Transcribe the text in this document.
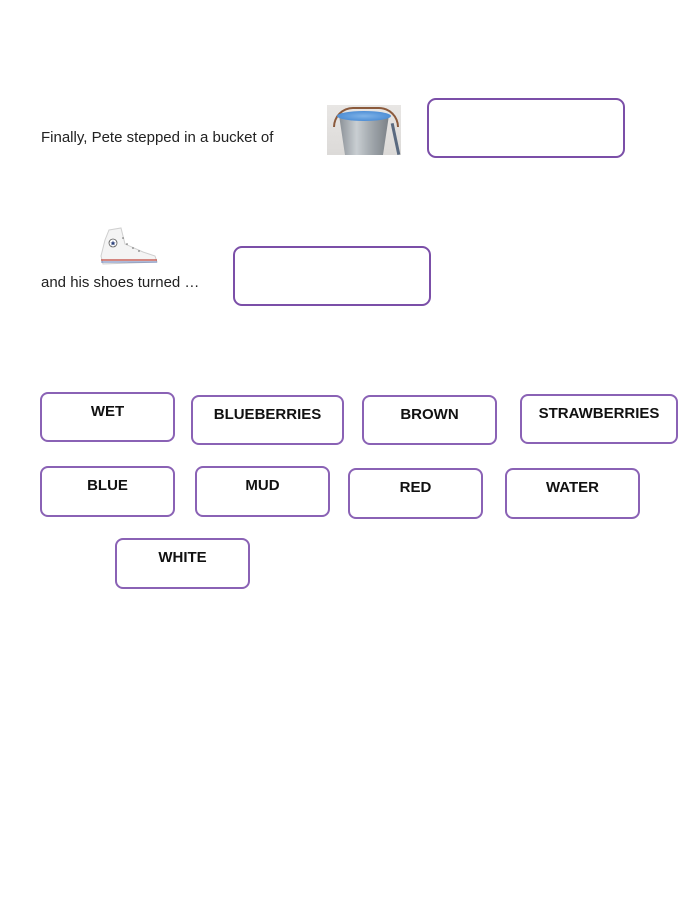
Finally, Pete stepped in a bucket of
and his shoes turned …
WET	BLUEBERRIES	BROWN	STRAWBERRIES
BLUE	MUD	RED	WATER
WHITE
